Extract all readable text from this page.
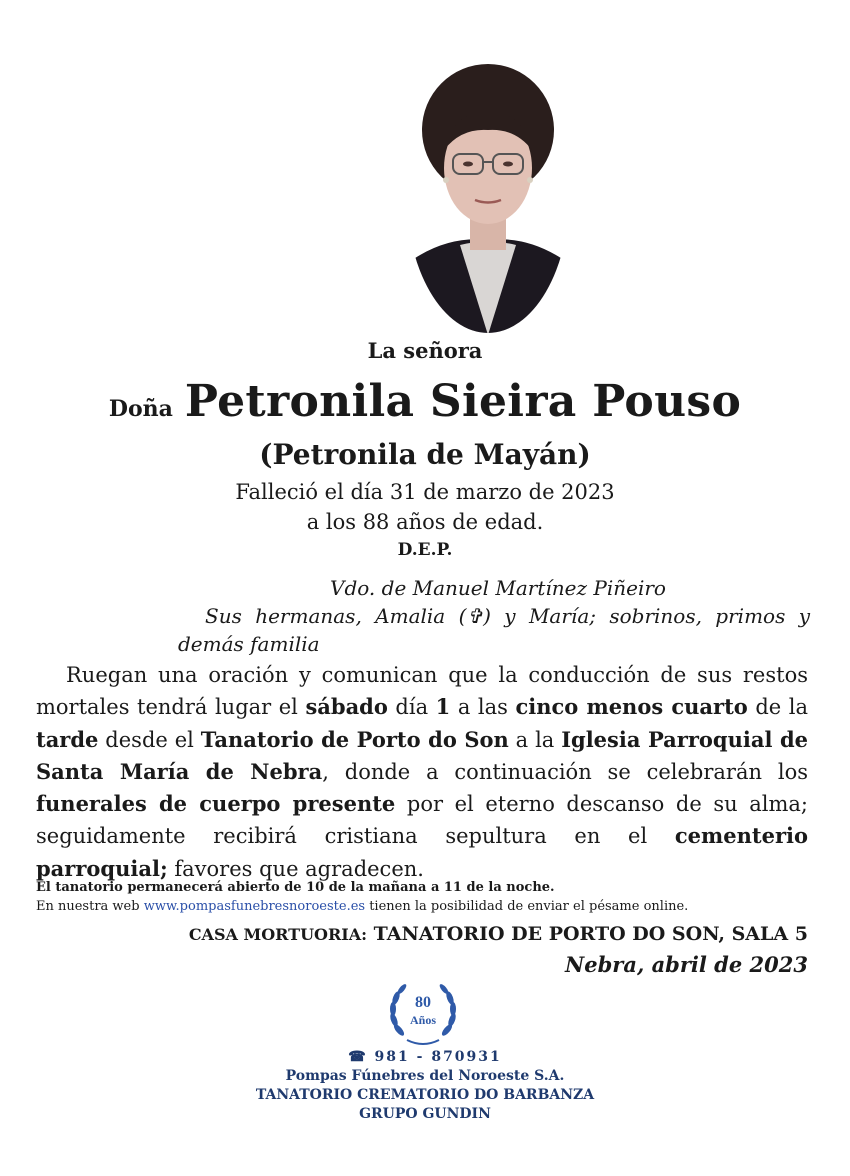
La señora
Doña Petronila Sieira Pouso
(Petronila de Mayán)
Falleció el día 31 de marzo de 2023
a los 88 años de edad.
D.E.P.
Vdo. de Manuel Martínez Piñeiro
Sus hermanas, Amalia (✞) y María; sobrinos, primos y
demás familia

Ruegan una oración y comunican que la conducción de sus restos mortales tendrá lugar el sábado día 1 a las cinco menos cuarto de la tarde desde el Tanatorio de Porto do Son a la Iglesia Parroquial de Santa María de Nebra, donde a continuación se celebrarán los funerales de cuerpo presente por el eterno descanso de su alma; seguidamente recibirá cristiana sepultura en el cementerio parroquial; favores que agradecen.

El tanatorio permanecerá abierto de 10 de la mañana a 11 de la noche.
En nuestra web www.pompasfunebresnoroeste.es tienen la posibilidad de enviar el pésame online.
CASA MORTUORIA: TANATORIO DE PORTO DO SON, SALA 5
Nebra, abril de 2023
80
Años
☎ 981 - 870931
Pompas Fúnebres del Noroeste S.A.
TANATORIO CREMATORIO DO BARBANZA
GRUPO GUNDIN
